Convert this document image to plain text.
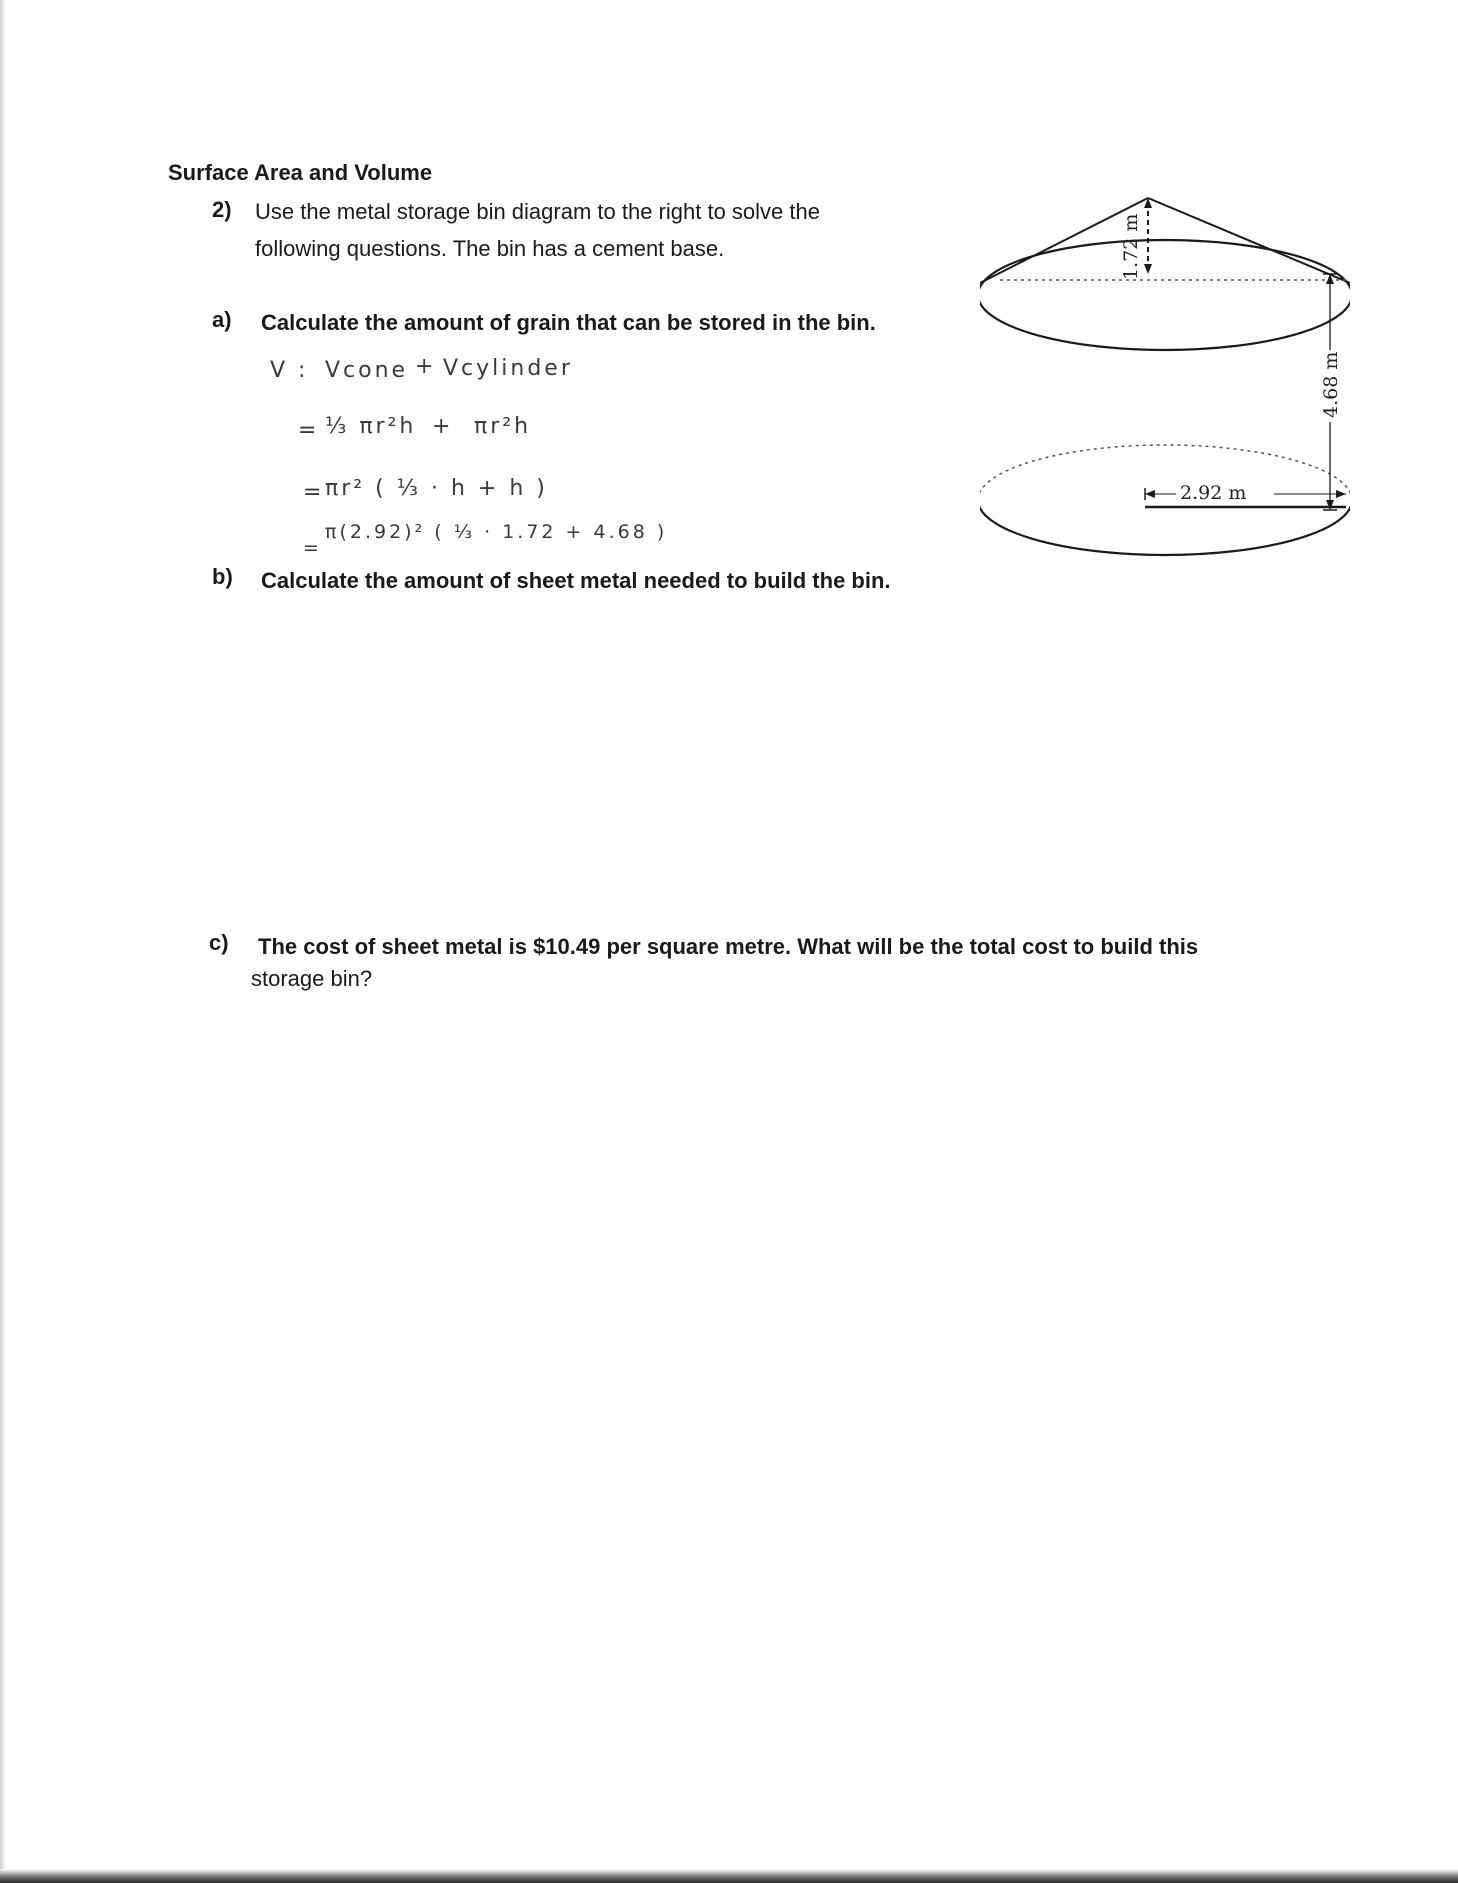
Surface Area and Volume
2) Use the metal storage bin diagram to the right to solve the
following questions. The bin has a cement base.
a) Calculate the amount of grain that can be stored in the bin.
V : Vcone + Vcylinder
= ⅓ πr²h + πr²h
= πr² ( ⅓ · h + h )
=
π(2.92)² ( ⅓ · 1.72 + 4.68 )
b) Calculate the amount of sheet metal needed to build the bin.
c) The cost of sheet metal is $10.49 per square metre. What will be the total cost to build this
storage bin?
1.72 m
2.92 m
4.68 m
